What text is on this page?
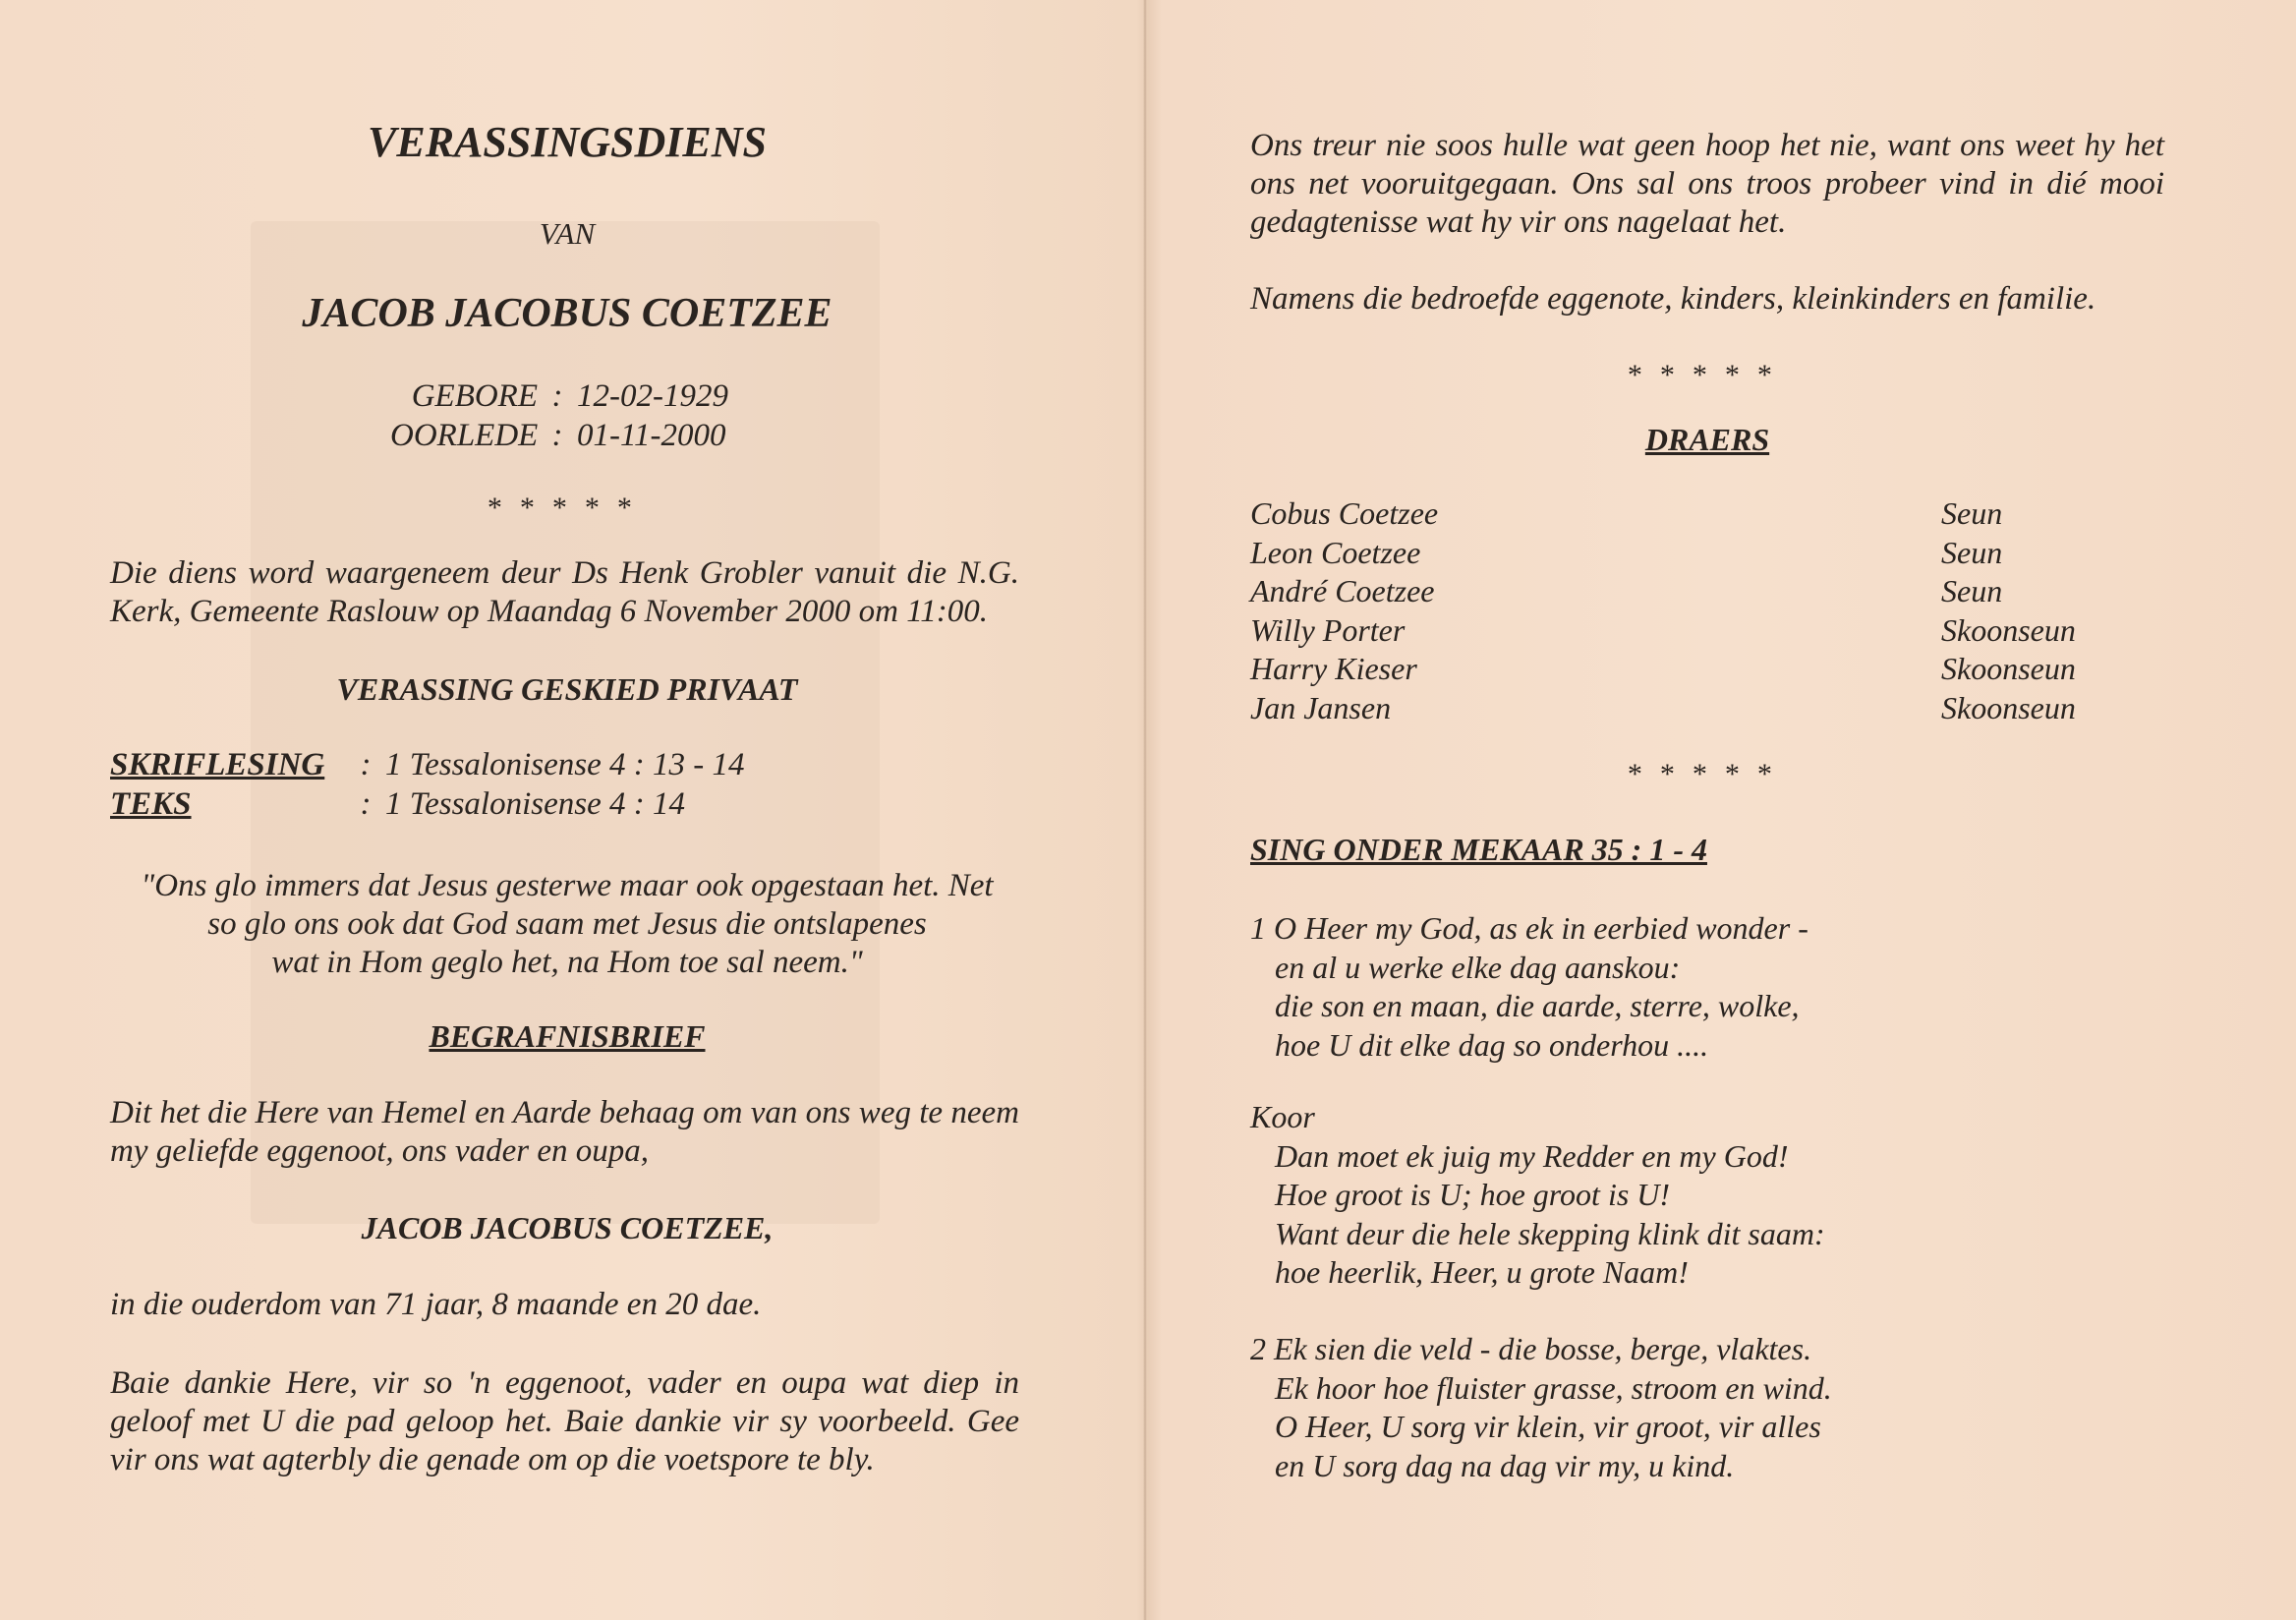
VERASSINGSDIENS
VAN
JACOB JACOBUS COETZEE
GEBORE : 12-02-1929
OORLEDE : 01-11-2000
*****
Die diens word waargeneem deur Ds Henk Grobler vanuit die N.G. Kerk, Gemeente Raslouw op Maandag 6 November 2000 om 11:00.
VERASSING GESKIED PRIVAAT
SKRIFLESING : 1 Tessalonisense 4 : 13 - 14
TEKS	: 1 Tessalonisense 4 : 14
"Ons glo immers dat Jesus gesterwe maar ook opgestaan het. Net
so glo ons ook dat God saam met Jesus die ontslapenes
wat in Hom geglo het, na Hom toe sal neem."
BEGRAFNISBRIEF
Dit het die Here van Hemel en Aarde behaag om van ons weg te neem my geliefde eggenoot, ons vader en oupa,
JACOB JACOBUS COETZEE,
in die ouderdom van 71 jaar, 8 maande en 20 dae.
Baie dankie Here, vir so 'n eggenoot, vader en oupa wat diep in geloof met U die pad geloop het. Baie dankie vir sy voorbeeld. Gee vir ons wat agterbly die genade om op die voetspore te bly.
Ons treur nie soos hulle wat geen hoop het nie, want ons weet hy het ons net vooruitgegaan. Ons sal ons troos probeer vind in dié mooi gedagtenisse wat hy vir ons nagelaat het.
Namens die bedroefde eggenote, kinders, kleinkinders en familie.
*****
DRAERS
Cobus Coetzee	Seun
Leon Coetzee	Seun
André Coetzee	Seun
Willy Porter	Skoonseun
Harry Kieser	Skoonseun
Jan Jansen	Skoonseun
*****
SING ONDER MEKAAR 35 : 1 - 4
1 O Heer my God, as ek in eerbied wonder -
en al u werke elke dag aanskou:
die son en maan, die aarde, sterre, wolke,
hoe U dit elke dag so onderhou ....
Koor
Dan moet ek juig my Redder en my God!
Hoe groot is U; hoe groot is U!
Want deur die hele skepping klink dit saam:
hoe heerlik, Heer, u grote Naam!
2 Ek sien die veld - die bosse, berge, vlaktes.
Ek hoor hoe fluister grasse, stroom en wind.
O Heer, U sorg vir klein, vir groot, vir alles
en U sorg dag na dag vir my, u kind.
